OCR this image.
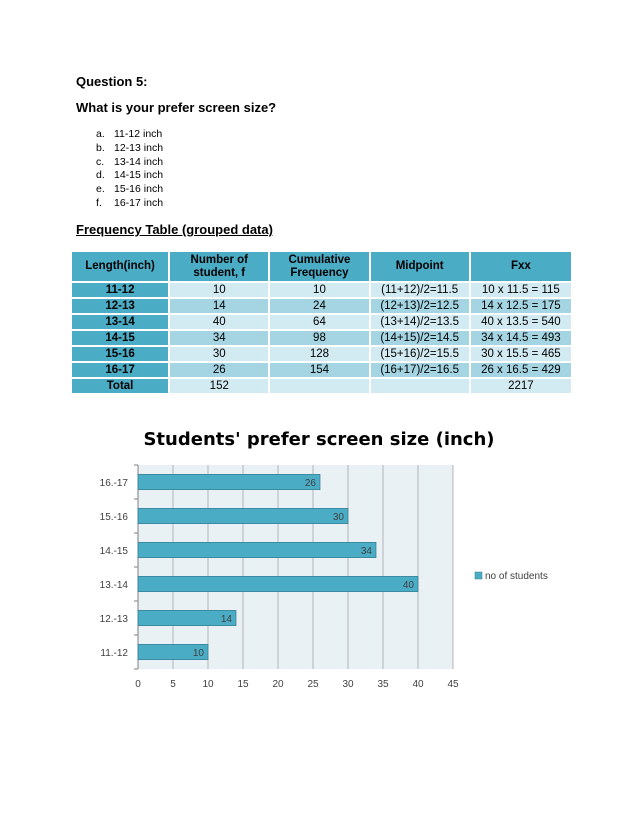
Question 5:
What is your prefer screen size?
a. 11-12 inch
b. 12-13 inch
c. 13-14 inch
d. 14-15 inch
e. 15-16 inch
f. 16-17 inch
Frequency Table (grouped data)
Length(inch)	Number of student, f	Cumulative Frequency	Midpoint	Fxx
11-12	10	10	(11+12)/2=11.5	10 x 11.5 = 115
12-13	14	24	(12+13)/2=12.5	14 x 12.5 = 175
13-14	40	64	(13+14)/2=13.5	40 x 13.5 = 540
14-15	34	98	(14+15)/2=14.5	34 x 14.5 = 493
15-16	30	128	(15+16)/2=15.5	30 x 15.5 = 465
16-17	26	154	(16+17)/2=16.5	26 x 16.5 = 429
Total	152			2217
Students' prefer screen size (inch)
0	5	10 15 20 25 30 35 40 45
11.-12	10
12.-13	14
13.-14	40
14.-15	34
15.-16	30
16.-17	26
no of students
